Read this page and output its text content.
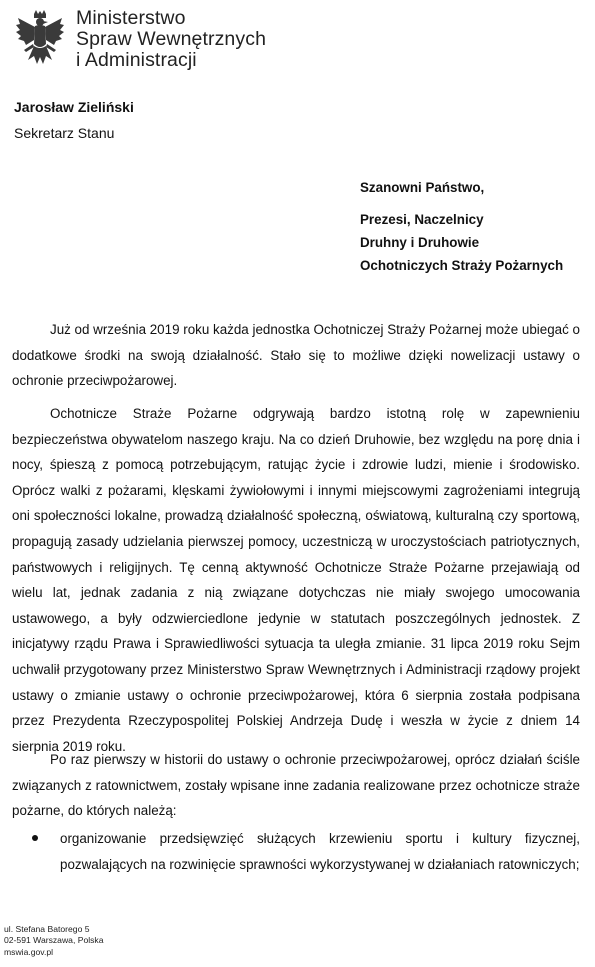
Ministerstwo
Spraw Wewnętrznych
i Administracji
Jarosław Zieliński
Sekretarz Stanu
Szanowni Państwo,
Prezesi, Naczelnicy
Druhny i Druhowie
Ochotniczych Straży Pożarnych

Już od września 2019 roku każda jednostka Ochotniczej Straży Pożarnej może ubiegać o dodatkowe środki na swoją działalność. Stało się to możliwe dzięki nowelizacji ustawy o ochronie przeciwpożarowej.

Ochotnicze Straże Pożarne odgrywają bardzo istotną rolę w zapewnieniu bezpieczeństwa obywatelom naszego kraju. Na co dzień Druhowie, bez względu na porę dnia i nocy, śpieszą z pomocą potrzebującym, ratując życie i zdrowie ludzi, mienie i środowisko. Oprócz walki z pożarami, klęskami żywiołowymi i innymi miejscowymi zagrożeniami integrują oni społeczności lokalne, prowadzą działalność społeczną, oświatową, kulturalną czy sportową, propagują zasady udzielania pierwszej pomocy, uczestniczą w uroczystościach patriotycznych, państwowych i religijnych. Tę cenną aktywność Ochotnicze Straże Pożarne przejawiają od wielu lat, jednak zadania z nią związane dotychczas nie miały swojego umocowania ustawowego, a były odzwierciedlone jedynie w statutach poszczególnych jednostek. Z inicjatywy rządu Prawa i Sprawiedliwości sytuacja ta uległa zmianie. 31 lipca 2019 roku Sejm uchwalił przygotowany przez Ministerstwo Spraw Wewnętrznych i Administracji rządowy projekt ustawy o zmianie ustawy o ochronie przeciwpożarowej, która 6 sierpnia została podpisana przez Prezydenta Rzeczypospolitej Polskiej Andrzeja Dudę i weszła w życie z dniem 14 sierpnia 2019 roku.

Po raz pierwszy w historii do ustawy o ochronie przeciwpożarowej, oprócz działań ściśle związanych z ratownictwem, zostały wpisane inne zadania realizowane przez ochotnicze straże pożarne, do których należą:

organizowanie przedsięwzięć służących krzewieniu sportu i kultury fizycznej, pozwalających na rozwinięcie sprawności wykorzystywanej w działaniach ratowniczych;

ul. Stefana Batorego 5
02-591 Warszawa, Polska
mswia.gov.pl
